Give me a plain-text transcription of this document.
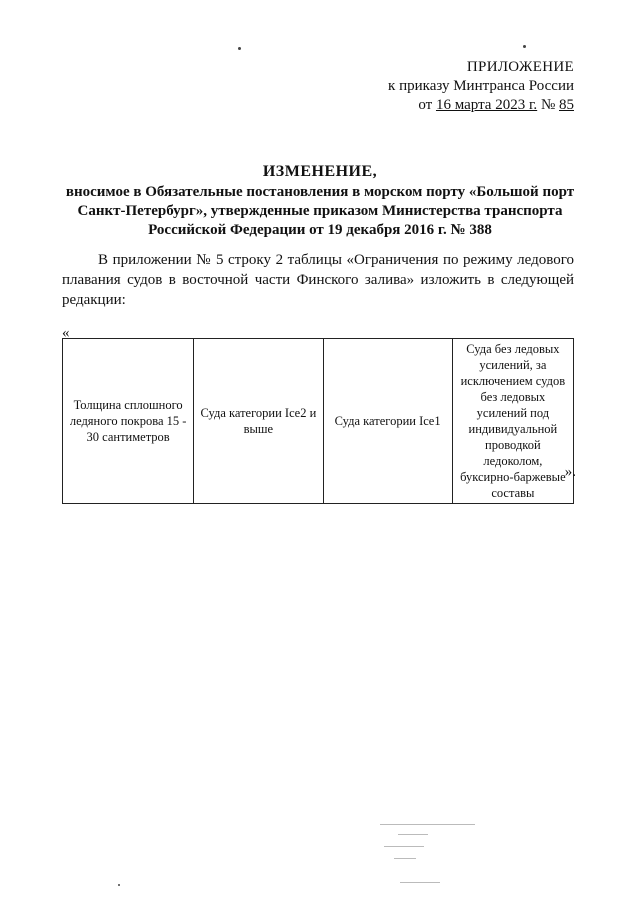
ПРИЛОЖЕНИЕ
к приказу Минтранса России
от 16 марта 2023 г. № 85
ИЗМЕНЕНИЕ,
вносимое в Обязательные постановления в морском порту «Большой порт
Санкт-Петербург», утвержденные приказом Министерства транспорта
Российской Федерации от 19 декабря 2016 г. № 388
В приложении № 5 строку 2 таблицы «Ограничения по режиму ледового плавания судов в восточной части Финского залива» изложить в следующей редакции:
«
Толщина сплошного ледяного покрова 15 - 30 сантиметров	Суда категории Ice2 и выше	Суда категории Ice1	Суда без ледовых усилений, за исключением судов без ледовых усилений под индивидуальной проводкой ледоколом, буксирно-баржевые составы
».
